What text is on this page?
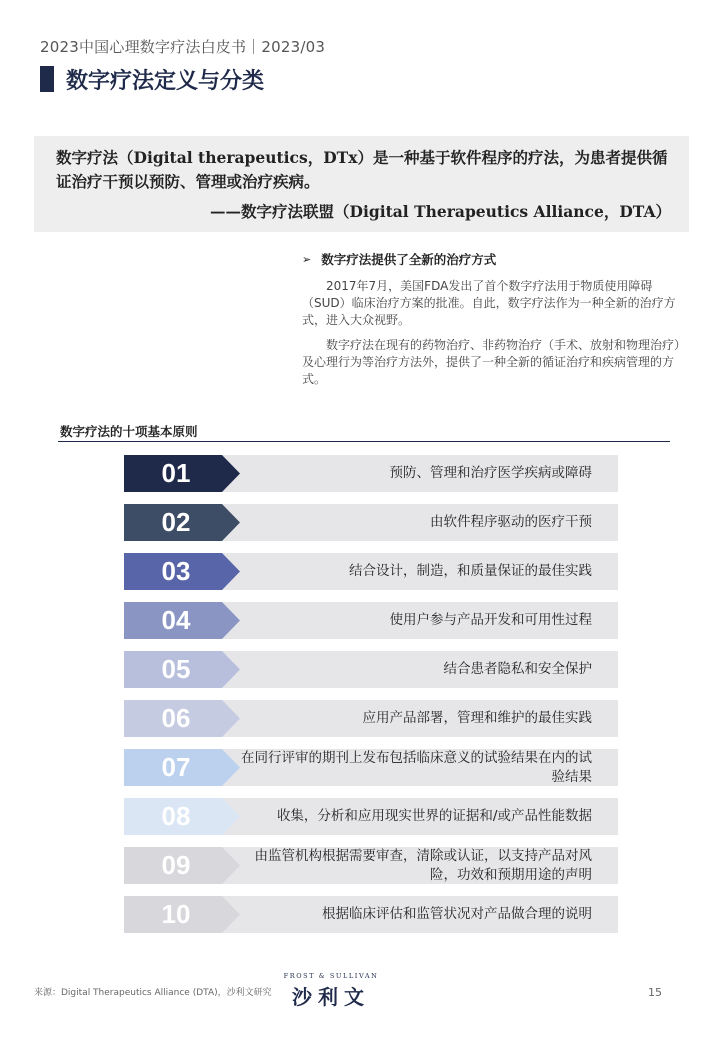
2023中国心理数字疗法白皮书｜2023/03
数字疗法定义与分类
数字疗法（Digital therapeutics，DTx）是一种基于软件程序的疗法，为患者提供循证治疗干预以预防、管理或治疗疾病。
——数字疗法联盟（Digital Therapeutics Alliance，DTA）
➢ 数字疗法提供了全新的治疗方式

2017年7月，美国FDA发出了首个数字疗法用于物质使用障碍（SUD）临床治疗方案的批准。自此，数字疗法作为一种全新的治疗方式，进入大众视野。

数字疗法在现有的药物治疗、非药物治疗（手术、放射和物理治疗）及心理行为等治疗方法外，提供了一种全新的循证治疗和疾病管理的方式。

数字疗法的十项基本原则
01	预防、管理和治疗医学疾病或障碍
02	由软件程序驱动的医疗干预
03	结合设计，制造，和质量保证的最佳实践
04	使用户参与产品开发和可用性过程
05	结合患者隐私和安全保护
06	应用产品部署，管理和维护的最佳实践
07	在同行评审的期刊上发布包括临床意义的试验结果在内的试验结果
08	收集，分析和应用现实世界的证据和/或产品性能数据
09	由监管机构根据需要审查，清除或认证，以支持产品对风险，功效和预期用途的声明
10	根据临床评估和监管状况对产品做合理的说明
来源：Digital Therapeutics Alliance (DTA)，沙利文研究
FROST & SULLIVAN
沙利文	15
